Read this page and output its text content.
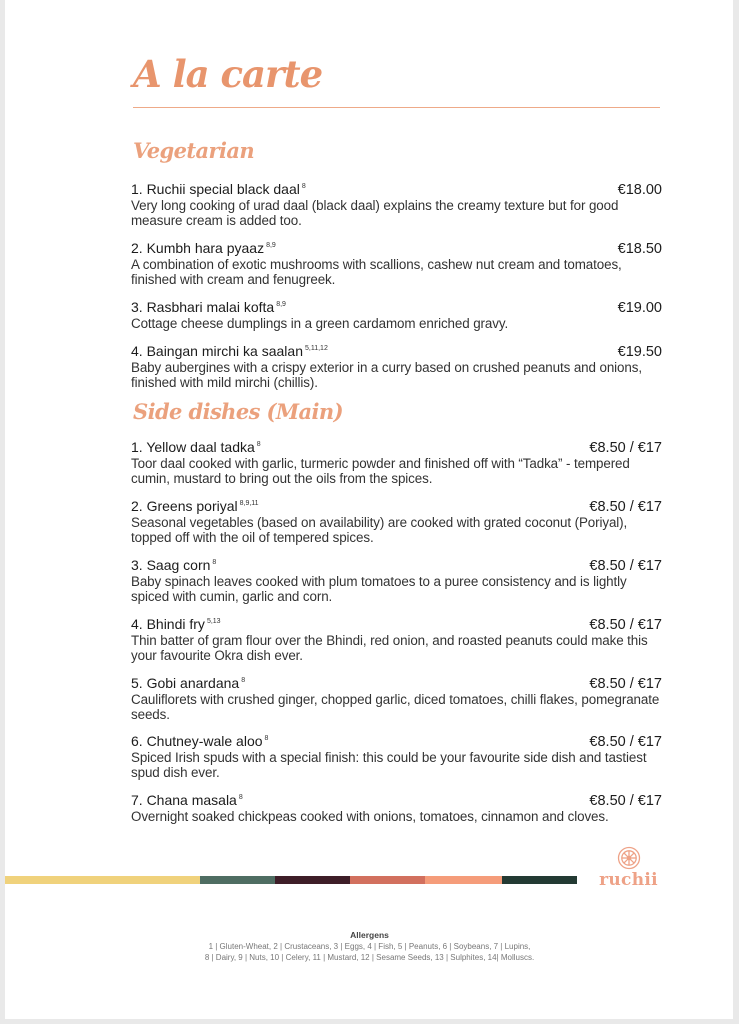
A la carte
Vegetarian
1. Ruchii special black daal $^8$	€18.00
Very long cooking of urad daal (black daal) explains the creamy texture but for good measure cream is added too.
2. Kumbh hara pyaaz $^{8,9}$	€18.50
A combination of exotic mushrooms with scallions, cashew nut cream and tomatoes, finished with cream and fenugreek.
3. Rasbhari malai kofta $^{8,9}$	€19.00
Cottage cheese dumplings in a green cardamom enriched gravy.
4. Baingan mirchi ka saalan $^{5,11,12}$	€19.50
Baby aubergines with a crispy exterior in a curry based on crushed peanuts and onions, finished with mild mirchi (chillis).
Side dishes (Main)
1. Yellow daal tadka $^8$	€8.50 / €17
Toor daal cooked with garlic, turmeric powder and finished off with “Tadka” - tempered cumin, mustard to bring out the oils from the spices.
2. Greens poriyal $^{8,9,11}$	€8.50 / €17
Seasonal vegetables (based on availability) are cooked with grated coconut (Poriyal), topped off with the oil of tempered spices.
3. Saag corn $^8$	€8.50 / €17
Baby spinach leaves cooked with plum tomatoes to a puree consistency and is lightly spiced with cumin, garlic and corn.
4. Bhindi fry $^{5,13}$	€8.50 / €17
Thin batter of gram flour over the Bhindi, red onion, and roasted peanuts could make this your favourite Okra dish ever.
5. Gobi anardana $^8$	€8.50 / €17
Cauliflorets with crushed ginger, chopped garlic, diced tomatoes, chilli flakes, pomegranate seeds.
6. Chutney-wale aloo $^8$	€8.50 / €17
Spiced Irish spuds with a special finish: this could be your favourite side dish and tastiest spud dish ever.
7. Chana masala $^8$	€8.50 / €17
Overnight soaked chickpeas cooked with onions, tomatoes, cinnamon and cloves.
ruchii
Allergens
1 | Gluten-Wheat, 2 | Crustaceans, 3 | Eggs, 4 | Fish, 5 | Peanuts, 6 | Soybeans, 7 | Lupins,
8 | Dairy, 9 | Nuts, 10 | Celery, 11 | Mustard, 12 | Sesame Seeds, 13 | Sulphites, 14| Molluscs.
